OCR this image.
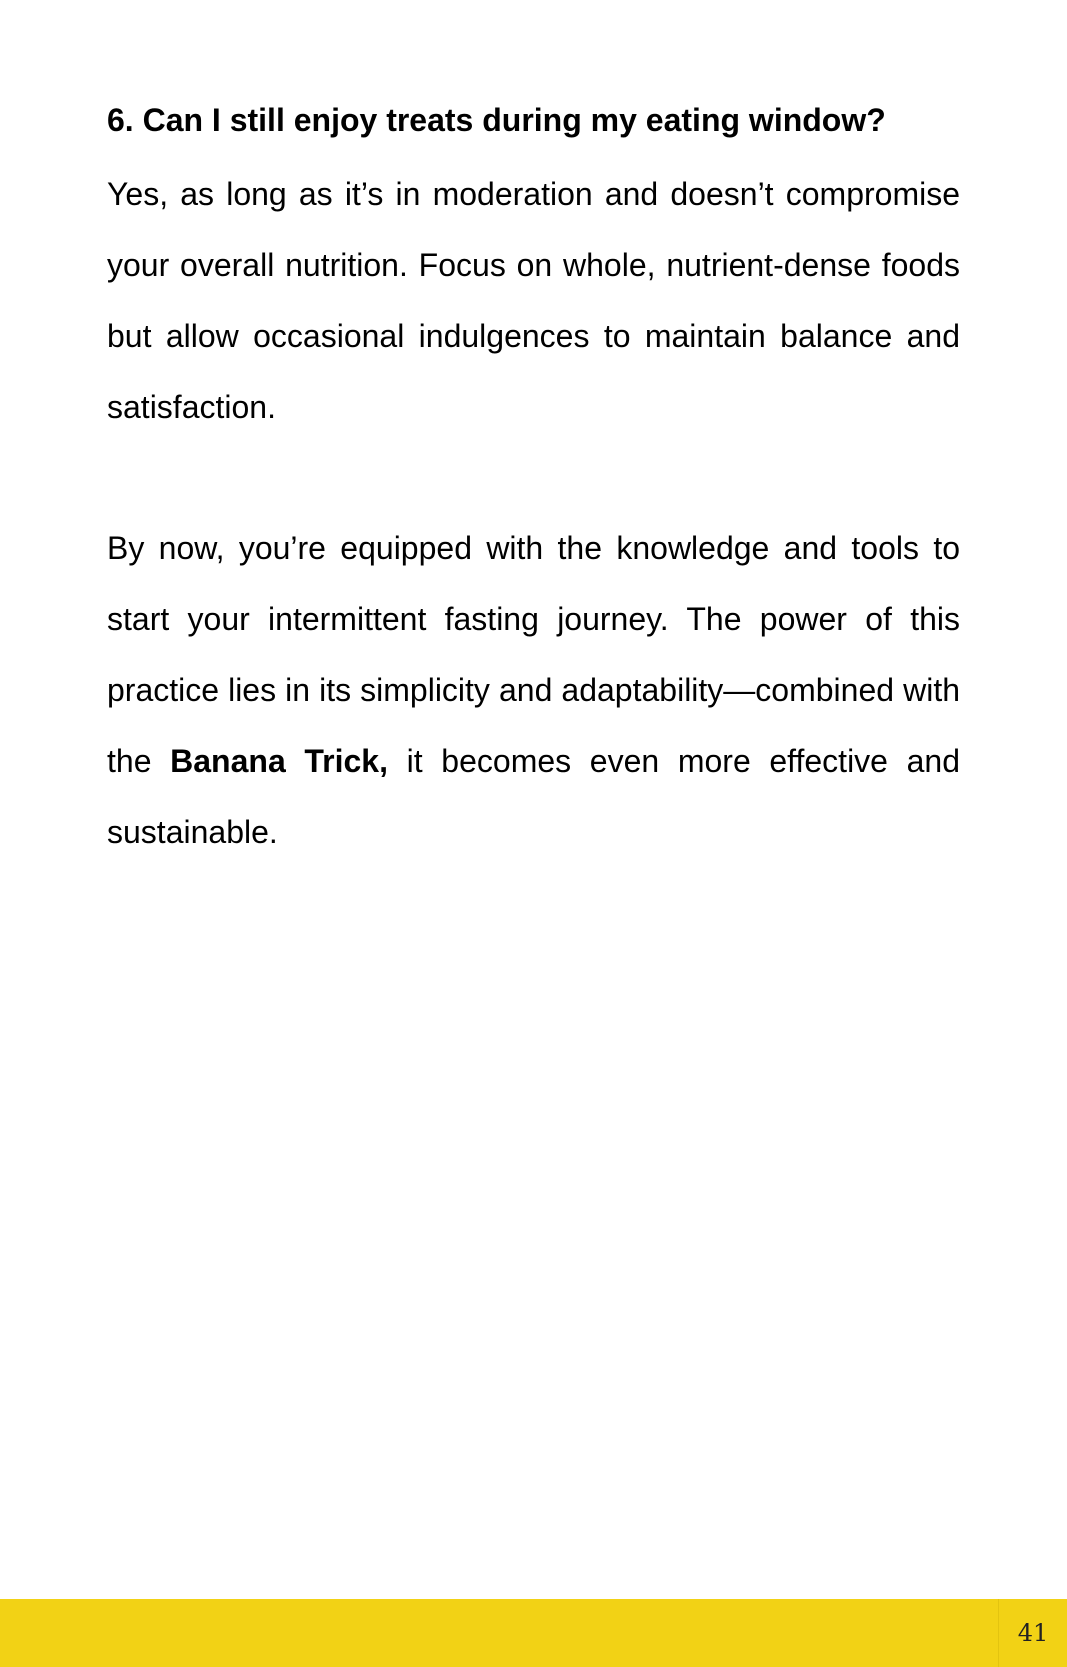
6. Can I still enjoy treats during my eating window?

Yes, as long as it’s in moderation and doesn’t compromise your overall nutrition. Focus on whole, nutrient-dense foods but allow occasional indulgences to maintain balance and satisfaction.

By now, you’re equipped with the knowledge and tools to start your intermittent fasting journey. The power of this practice lies in its simplicity and adaptability—combined with the Banana Trick, it becomes even more effective and sustainable.

41
